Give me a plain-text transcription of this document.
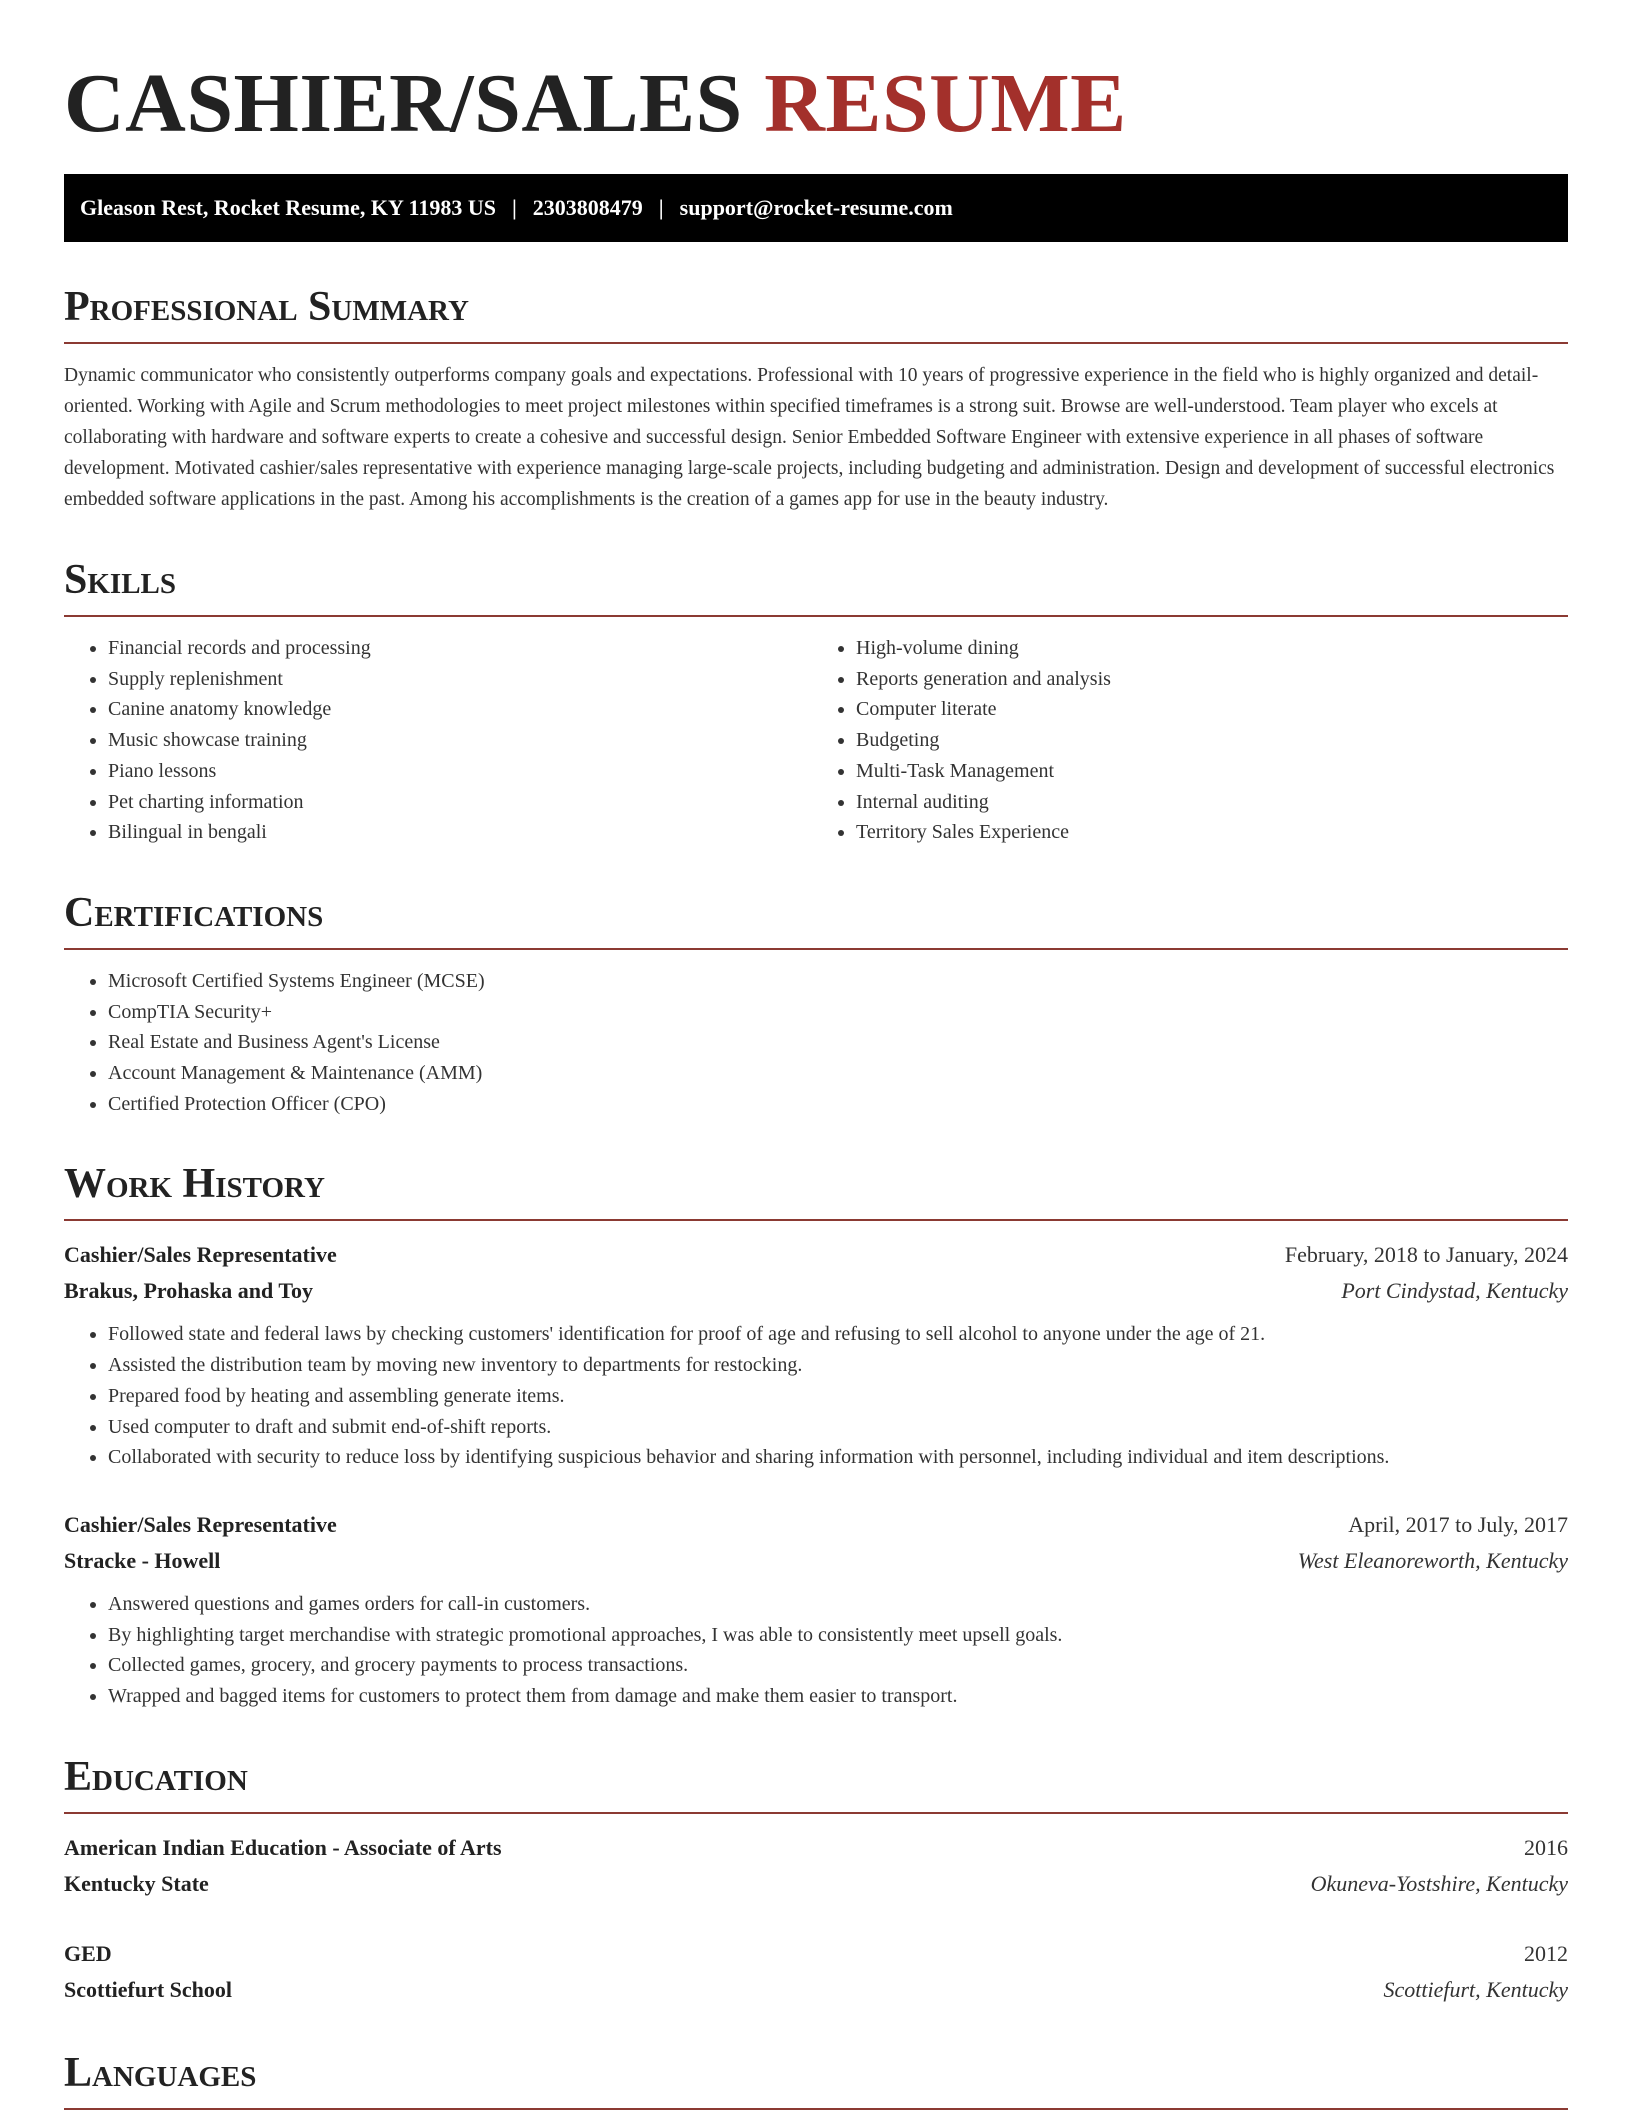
CASHIER/SALES RESUME
Gleason Rest, Rocket Resume, KY 11983 US | 2303808479 | support@rocket-resume.com
Professional Summary

Dynamic communicator who consistently outperforms company goals and expectations. Professional with 10 years of progressive experience in the field who is highly organized and detail-oriented. Working with Agile and Scrum methodologies to meet project milestones within specified timeframes is a strong suit. Browse are well-understood. Team player who excels at collaborating with hardware and software experts to create a cohesive and successful design. Senior Embedded Software Engineer with extensive experience in all phases of software development. Motivated cashier/sales representative with experience managing large-scale projects, including budgeting and administration. Design and development of successful electronics embedded software applications in the past. Among his accomplishments is the creation of a games app for use in the beauty industry.

Skills
• Financial records and processing
• Supply replenishment
• Canine anatomy knowledge
• Music showcase training
• Piano lessons
• Pet charting information
• Bilingual in bengali
• High-volume dining
• Reports generation and analysis
• Computer literate
• Budgeting
• Multi-Task Management
• Internal auditing
• Territory Sales Experience
Certifications
• Microsoft Certified Systems Engineer (MCSE)
• CompTIA Security+
• Real Estate and Business Agent's License
• Account Management & Maintenance (AMM)
• Certified Protection Officer (CPO)
Work History
Cashier/Sales Representative	February, 2018 to January, 2024
Brakus, Prohaska and Toy	Port Cindystad, Kentucky
• Followed state and federal laws by checking customers' identification for proof of age and refusing to sell alcohol to anyone under the age of 21.
• Assisted the distribution team by moving new inventory to departments for restocking.
• Prepared food by heating and assembling generate items.
• Used computer to draft and submit end-of-shift reports.
• Collaborated with security to reduce loss by identifying suspicious behavior and sharing information with personnel, including individual and item descriptions.
Cashier/Sales Representative	April, 2017 to July, 2017
Stracke - Howell	West Eleanoreworth, Kentucky
• Answered questions and games orders for call-in customers.
• By highlighting target merchandise with strategic promotional approaches, I was able to consistently meet upsell goals.
• Collected games, grocery, and grocery payments to process transactions.
• Wrapped and bagged items for customers to protect them from damage and make them easier to transport.
Education
American Indian Education - Associate of Arts	2016
Kentucky State	Okuneva-Yostshire, Kentucky
GED	2012
Scottiefurt School	Scottiefurt, Kentucky
Languages
